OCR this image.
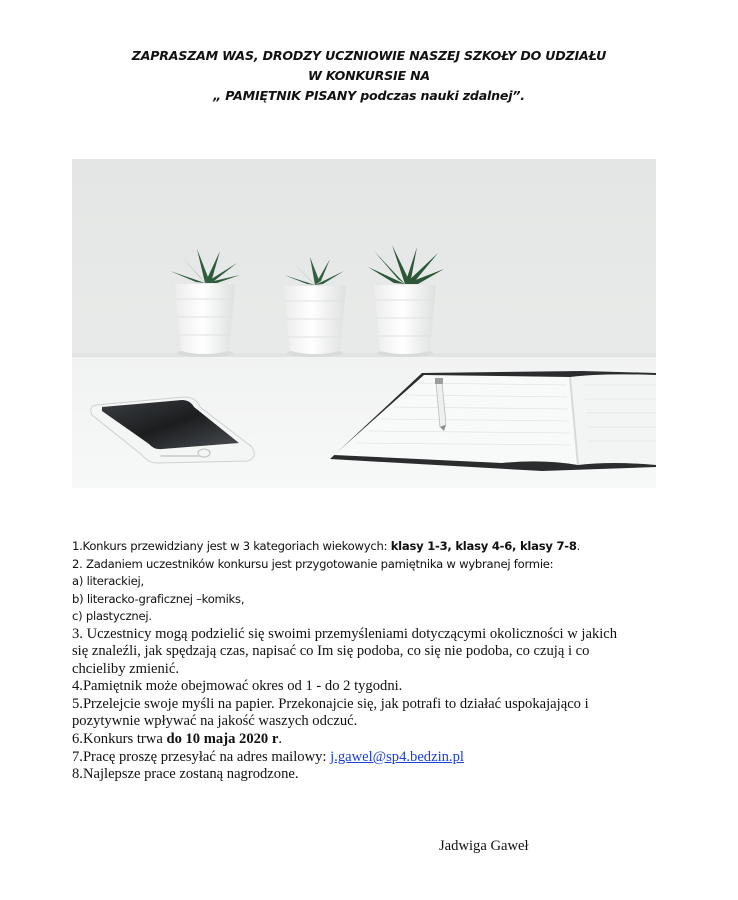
ZAPRASZAM WAS, DRODZY UCZNIOWIE NASZEJ SZKOŁY DO UDZIAŁU
W KONKURSIE NA
„ PAMIĘTNIK PISANY podczas nauki zdalnej”.
1.Konkurs przewidziany jest w 3 kategoriach wiekowych: klasy 1-3, klasy 4-6, klasy 7-8.
2. Zadaniem uczestników konkursu jest przygotowanie pamiętnika w wybranej formie:
a) literackiej,
b) literacko-graficznej –komiks,
c) plastycznej.
3. Uczestnicy mogą podzielić się swoimi przemyśleniami dotyczącymi okoliczności w jakich
się znaleźli, jak spędzają czas, napisać co Im się podoba, co się nie podoba, co czują i co
chcieliby zmienić.
4.Pamiętnik może obejmować okres od 1 - do 2 tygodni.
5.Przelejcie swoje myśli na papier. Przekonajcie się, jak potrafi to działać uspokajająco i
pozytywnie wpływać na jakość waszych odczuć.
6.Konkurs trwa do 10 maja 2020 r.
7.Pracę proszę przesyłać na adres mailowy: j.gawel@sp4.bedzin.pl
8.Najlepsze prace zostaną nagrodzone.
Jadwiga Gaweł
